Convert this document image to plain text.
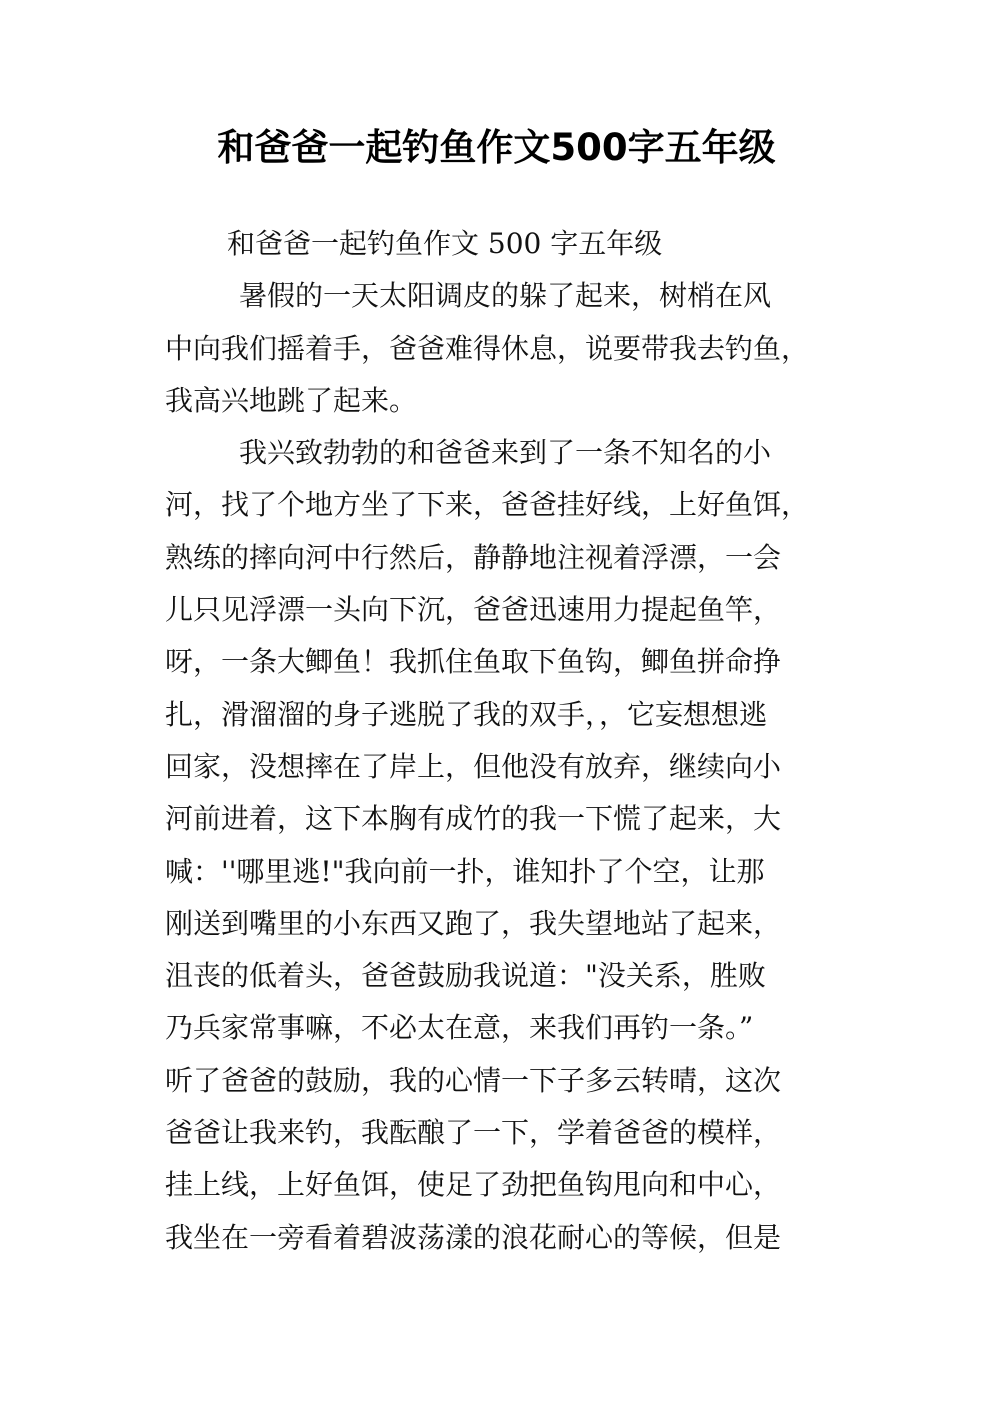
和爸爸一起钓鱼作文500字五年级
和爸爸一起钓鱼作文 500 字五年级
暑假的一天太阳调皮的躲了起来，树梢在风
中向我们摇着手，爸爸难得休息，说要带我去钓鱼，
我高兴地跳了起来。
我兴致勃勃的和爸爸来到了一条不知名的小
河，找了个地方坐了下来，爸爸挂好线，上好鱼饵，
熟练的摔向河中行然后，静静地注视着浮漂，一会
儿只见浮漂一头向下沉，爸爸迅速用力提起鱼竿，
呀，一条大鲫鱼！我抓住鱼取下鱼钩，鲫鱼拼命挣
扎，滑溜溜的身子逃脱了我的双手，，它妄想想逃
回家，没想摔在了岸上，但他没有放弃，继续向小
河前进着，这下本胸有成竹的我一下慌了起来，大
喊：''哪里逃!"我向前一扑，谁知扑了个空，让那
刚送到嘴里的小东西又跑了，我失望地站了起来，
沮丧的低着头，爸爸鼓励我说道："没关系，胜败
乃兵家常事嘛，不必太在意，来我们再钓一条。”
听了爸爸的鼓励，我的心情一下子多云转晴，这次
爸爸让我来钓，我酝酿了一下，学着爸爸的模样，
挂上线，上好鱼饵，使足了劲把鱼钩甩向和中心，
我坐在一旁看着碧波荡漾的浪花耐心的等候，但是
